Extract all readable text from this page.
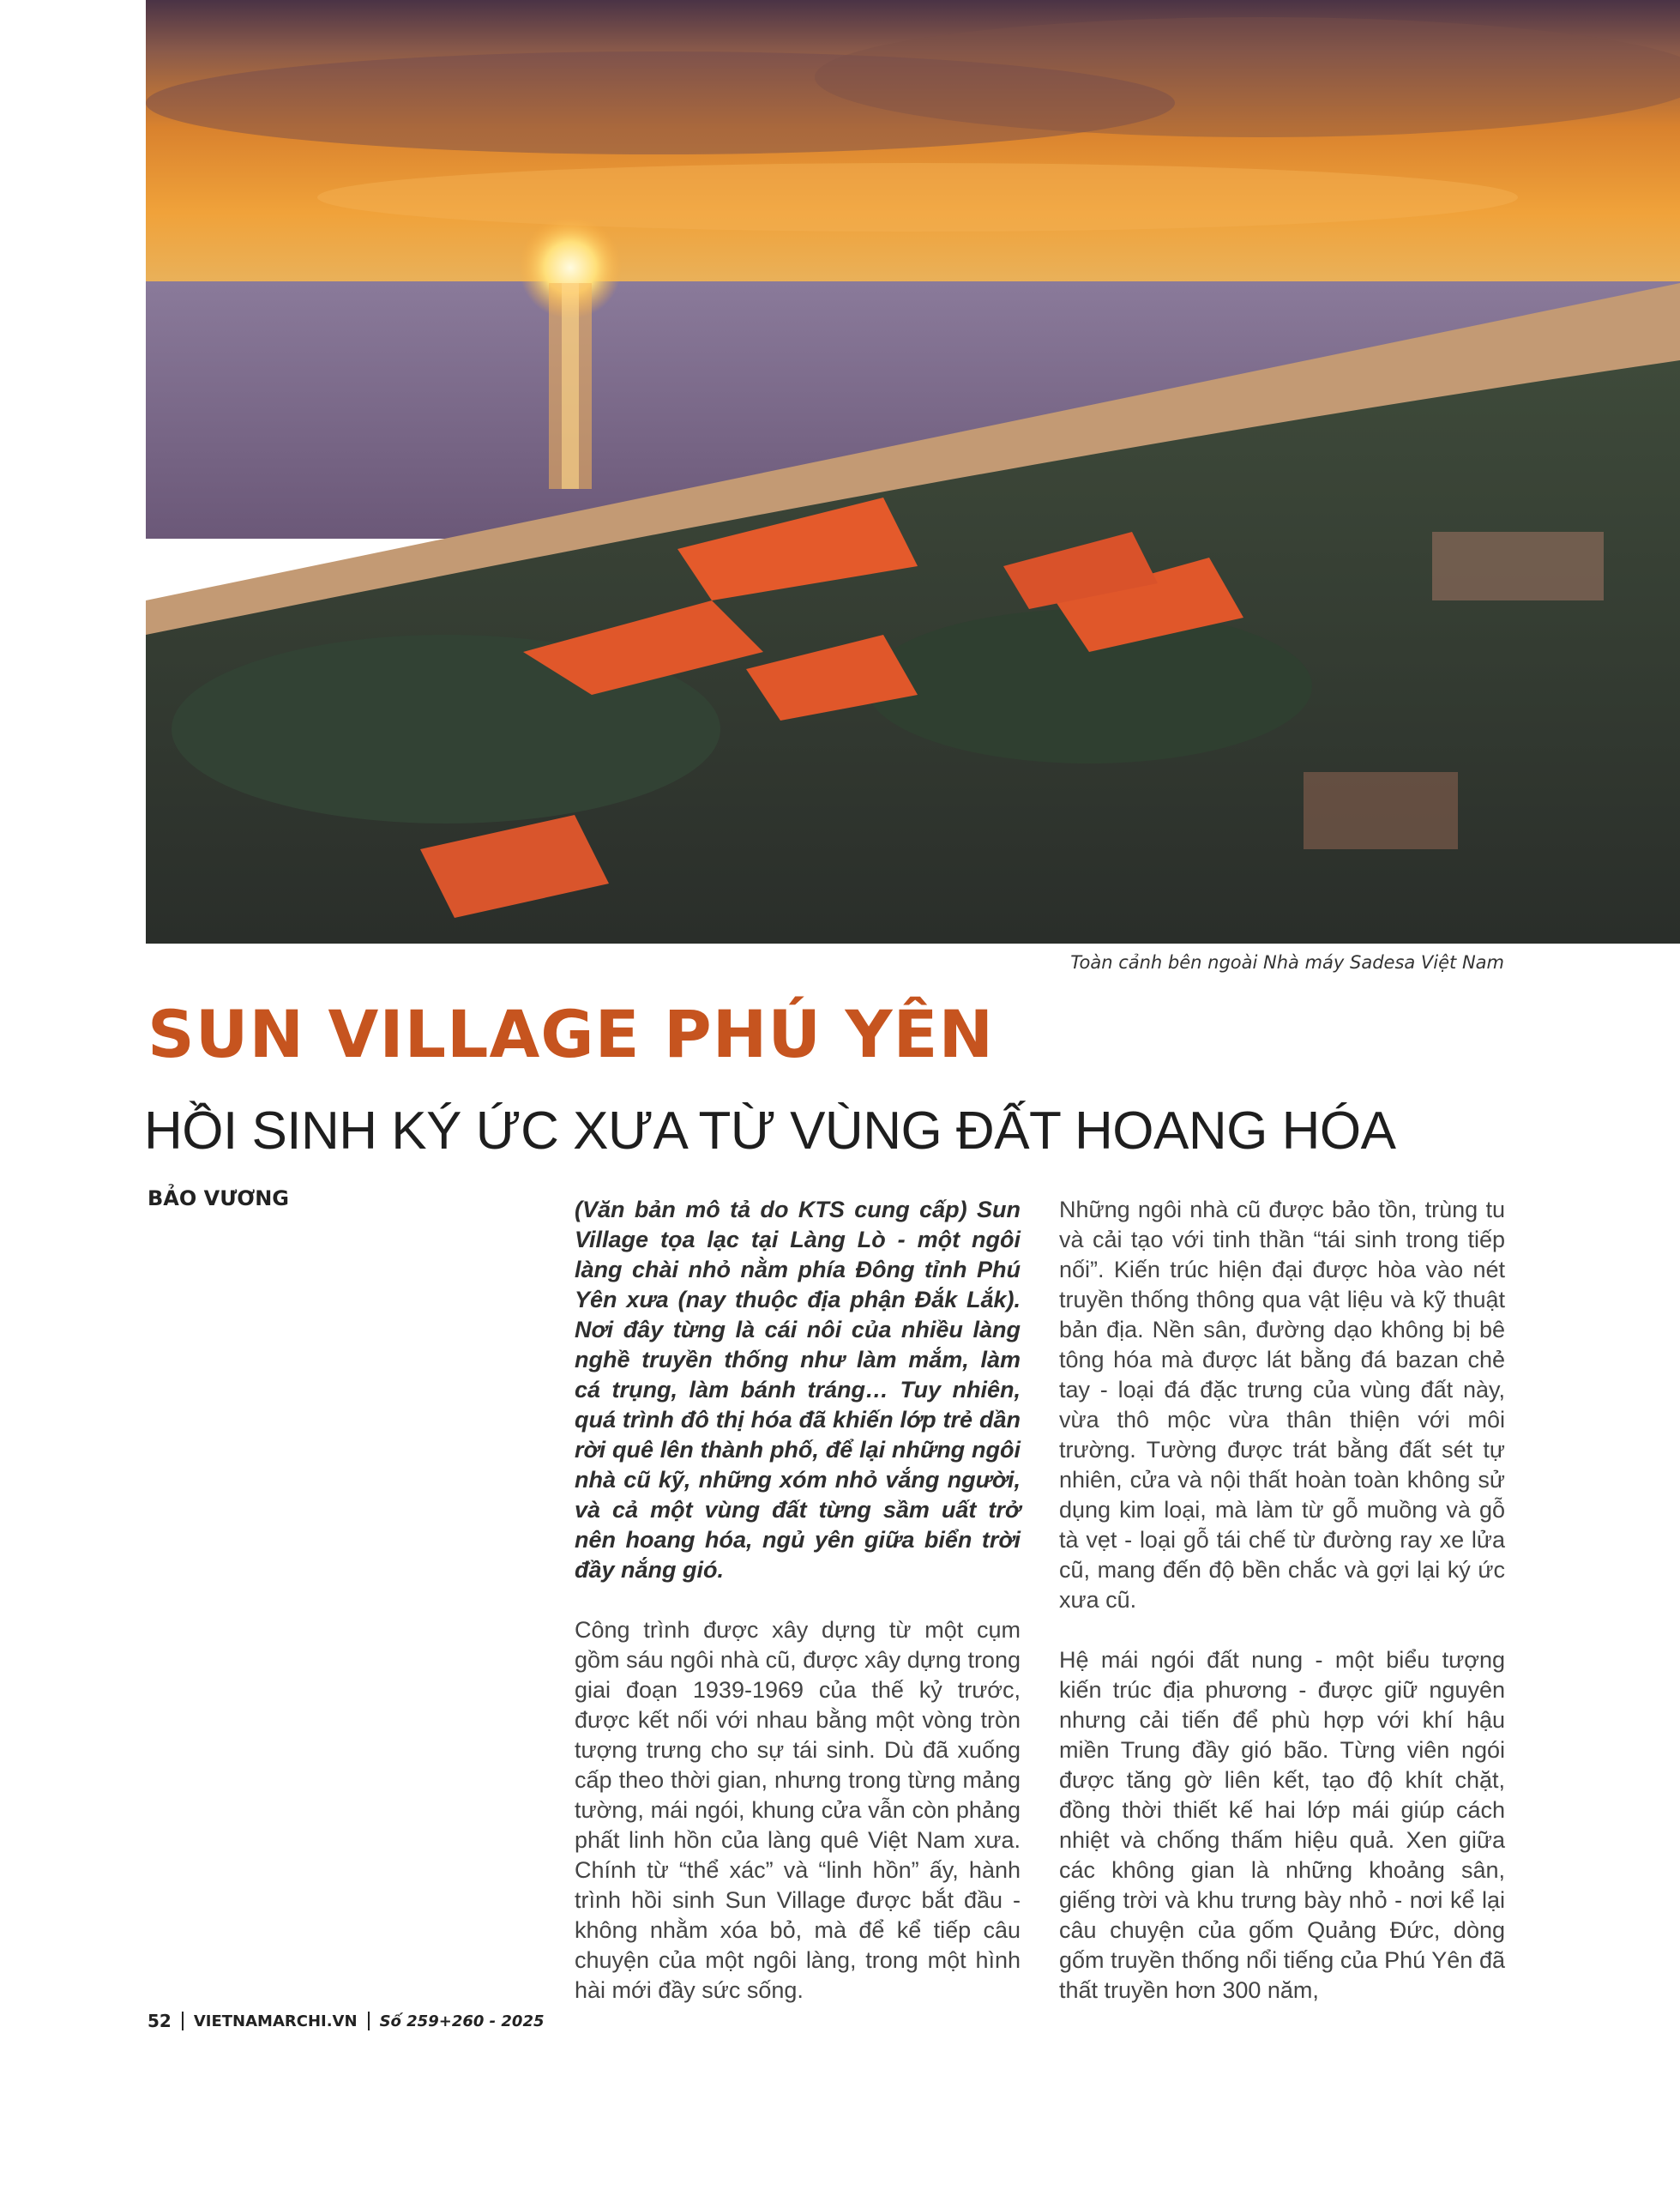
Toàn cảnh bên ngoài Nhà máy Sadesa Việt Nam
SUN VILLAGE PHÚ YÊN
HỒI SINH KÝ ỨC XƯA TỪ VÙNG ĐẤT HOANG HÓA
BẢO VƯƠNG	(Văn bản mô tả do KTS cung cấp) Sun Village tọa lạc tại Làng Lò - một ngôi làng chài nhỏ nằm phía Đông tỉnh Phú Yên xưa (nay thuộc địa phận Đắk Lắk). Nơi đây từng là cái nôi của nhiều làng nghề truyền thống như làm mắm, làm cá trụng, làm bánh tráng… Tuy nhiên, quá trình đô thị hóa đã khiến lớp trẻ dần rời quê lên thành phố, để lại những ngôi nhà cũ kỹ, những xóm nhỏ vắng người, và cả một vùng đất từng sầm uất trở nên hoang hóa, ngủ yên giữa biển trời đầy nắng gió.

Công trình được xây dựng từ một cụm gồm sáu ngôi nhà cũ, được xây dựng trong giai đoạn 1939-1969 của thế kỷ trước, được kết nối với nhau bằng một vòng tròn tượng trưng cho sự tái sinh. Dù đã xuống cấp theo thời gian, nhưng trong từng mảng tường, mái ngói, khung cửa vẫn còn phảng phất linh hồn của làng quê Việt Nam xưa. Chính từ “thể xác” và “linh hồn” ấy, hành trình hồi sinh Sun Village được bắt đầu - không nhằm xóa bỏ, mà để kể tiếp câu chuyện của một ngôi làng, trong một hình hài mới đầy sức sống.

Những ngôi nhà cũ được bảo tồn, trùng tu và cải tạo với tinh thần “tái sinh trong tiếp nối”. Kiến trúc hiện đại được hòa vào nét truyền thống thông qua vật liệu và kỹ thuật bản địa. Nền sân, đường dạo không bị bê tông hóa mà được lát bằng đá bazan chẻ tay - loại đá đặc trưng của vùng đất này, vừa thô mộc vừa thân thiện với môi trường. Tường được trát bằng đất sét tự nhiên, cửa và nội thất hoàn toàn không sử dụng kim loại, mà làm từ gỗ muồng và gỗ tà vẹt - loại gỗ tái chế từ đường ray xe lửa cũ, mang đến độ bền chắc và gợi lại ký ức xưa cũ.

Hệ mái ngói đất nung - một biểu tượng kiến trúc địa phương - được giữ nguyên nhưng cải tiến để phù hợp với khí hậu miền Trung đầy gió bão. Từng viên ngói được tăng gờ liên kết, tạo độ khít chặt, đồng thời thiết kế hai lớp mái giúp cách nhiệt và chống thấm hiệu quả. Xen giữa các không gian là những khoảng sân, giếng trời và khu trưng bày nhỏ - nơi kể lại câu chuyện của gốm Quảng Đức, dòng gốm truyền thống nổi tiếng của Phú Yên đã thất truyền hơn 300 năm,

52 VIETNAMARCHI.VN Số 259+260 - 2025
